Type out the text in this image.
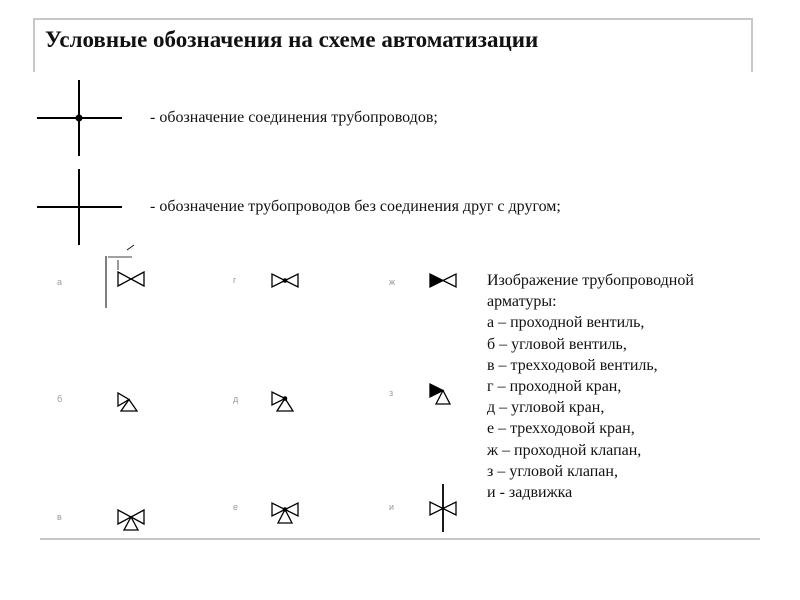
Условные обозначения на схеме автоматизации
- обозначение соединения трубопроводов;
- обозначение трубопроводов без соединения друг с другом;
а
б
в
г
д
е
ж
з
и
Изображение трубопроводной
арматуры:
а – проходной вентиль,
б – угловой вентиль,
в – трехходовой вентиль,
г – проходной кран,
д – угловой кран,
е – трехходовой кран,
ж – проходной клапан,
з – угловой клапан,
и - задвижка
